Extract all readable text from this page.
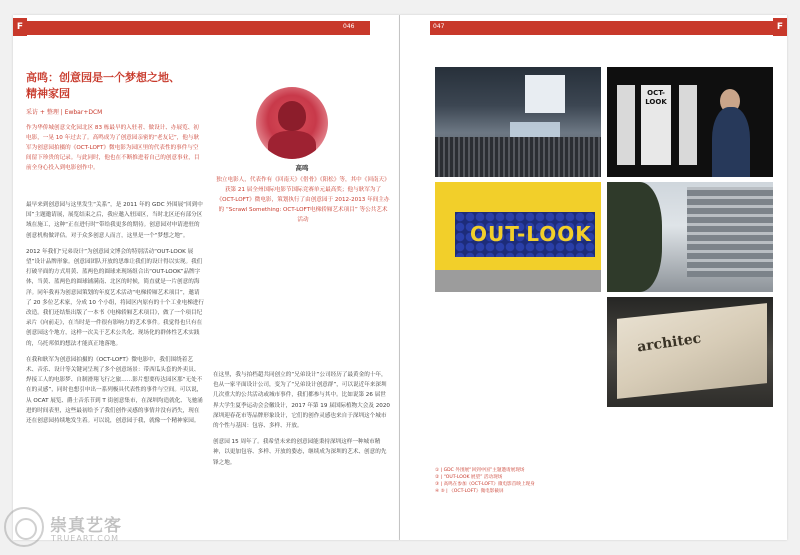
F	046
高鸣：创意园是一个梦想之地、精神家园
采访 + 整理 | Ewbar+DCM
作为华侨城创意文化园北区 83 栋最早的入驻者、做设计、办展览、初电影，一晃 10 年过去了。高鸣成为了创意园亲密的“老友记”，他与耿军为创意园拍摄的《OCT-LOFT》微电影为园区里的代表性的事件与空间留下珍贵的记录。与此同时，他也在不断推进着自己的创意事业，目前全身心投入到电影创作中。

最早来到创意园与这里发生“关系”，是 2011 年的 GDC 外围展“回到中国”主题邀请展，展览结束之后，我应邀入驻园区，当时北区还有部分区域在施工，这种“正在进行时”带给我更多的期待。创意园对申请进驻的创意机构做评估。对于众多创意人而言，这里是一个“梦想之地”。

2012 年我们“兄弟设计”为创意园文博会的特别活动“OUT-LOOK 展望”设计品牌形象。创意园团队开放的思维让我们的设计得以实现。我们打破平面的方式用黄、蓝两色的圆球来现场组合出“OUT-LOOK”品牌字体，当黄、蓝两色的圆球铺满南、北区的时候，简直就是一片创意的海洋。同年我再为创意园策划的年度艺术活动“电梯轿厢艺术项目”，邀请了 20 多位艺术家，分成 10 个小组，将园区内原有的十个工业电梯进行改造。我们还结集出版了一本书《电梯轿厢艺术项目》，做了一个项目纪录片《向前走》，在当时是一件很有影响力的艺术事件。我觉得也只有在创意园这个地方，这样一次关于艺术公共化、现场化的群体性艺术实践的，乌托邦似的想法才能真正地落地。

在我和耿军为创意园拍摄的《OCT-LOFT》微电影中，我们围绕着艺术、音乐、设计等关键词呈现了多个创意场景：带西瓜头套的外卖员、焊接工人的电影梦、自制滑翔飞行之旅……影片想要传达园区那“无处不在的灵感”，同时也想引申出一系列极具代表性的事件与空间。可以说，从 OCAT 展览、爵士音乐节到 T 街创意集市，在深圳均造就化、飞驰涌进的时间表里，这些最初给予了我们创作灵感的事情并没有消失，现在还在创意园持续地发生着。可以说，创意园于我，就像一个精神家园。

高鸣
独立电影人，代表作有《回南天》《借骨》《阳松》等，其中《回南天》获第 21 届全州国际电影节国际竞赛单元最高奖；他与耿军为了《OCT-LOFT》微电影，策划执行了由创意园于 2012-2013 年间主办的 “Scrawl Something: OCT-LOFT电梯轿厢艺术项目” 等公共艺术活动

在这里，我与拍档超共同创立的“兄弟设计”公司经历了最黄金的十年，也从一家平面设计公司，变为了“兄弟设计创意群”，可以说近年来深圳几次重大的公共活动或城市事件，我们都参与其中。比如说第 26 届世界大学生夏季运动会会徽设计，2017 年第 19 届国际植物大会及 2020 深圳迎春花市等品牌形象设计，它们的创作灵感也来自于深圳这个城市的个性与基因：包容、多样、开放。

创意园 15 周年了。我希望未来的创意园能秉持深圳这样一种城市精神，以更加包容、多样、开放的姿态，继续成为深圳的艺术、创意的先锋之地。

F
047
OCT-LOOK
OUT-LOOK
architec
① | GDC 外围展“回到中国”主题邀请展现场
② | “OUT-LOOK 展望” 活动现场
③ | 高鸣在参加《OCT-LOFT》微电影首映上现身
④ ⑤ | 《OCT-LOFT》微电影截屏
崇真艺客
TRUEART.COM
